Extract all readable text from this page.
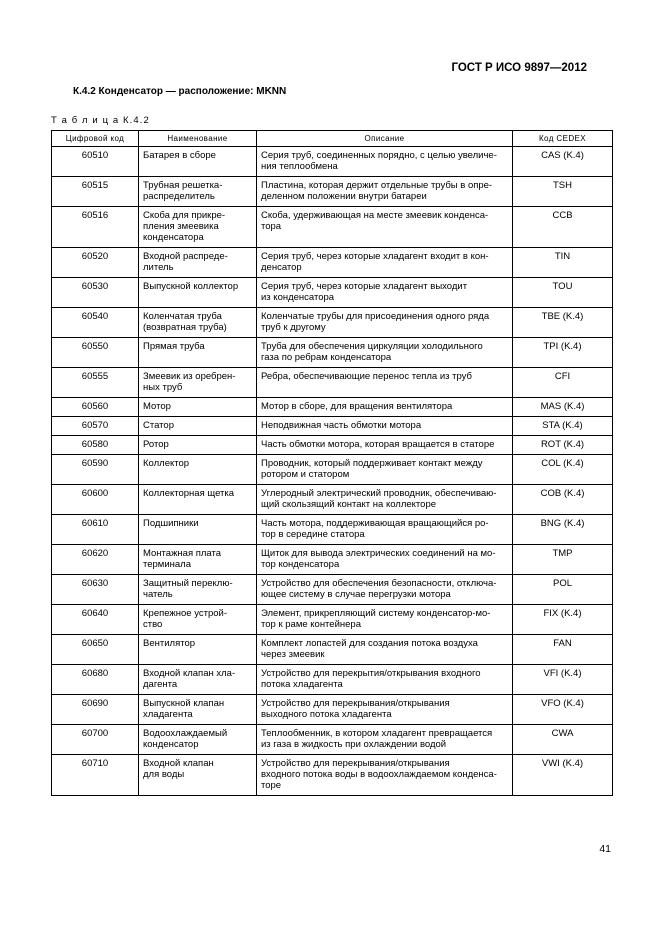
ГОСТ Р ИСО 9897—2012
К.4.2 Конденсатор — расположение: MKNN
Т а б л и ц а К.4.2
Цифровой код	Наименование	Описание	Код CEDEX
60510	Батарея в сборе	Серия труб, соединенных порядно, с целью увеличе-
ния теплообмена	CAS (K.4)
60515	Трубная решетка-
распределитель	Пластина, которая держит отдельные трубы в опре-
деленном положении внутри батареи	TSH
60516	Скоба для прикре-
пления змеевика
конденсатора	Скоба, удерживающая на месте змеевик конденса-
тора	CCB
60520	Входной распреде-
литель	Серия труб, через которые хладагент входит в кон-
денсатор	TIN
60530	Выпускной коллектор	Серия труб, через которые хладагент выходит
из конденсатора	TOU
60540	Коленчатая труба
(возвратная труба)	Коленчатые трубы для присоединения одного ряда
труб к другому	TBE (K.4)
60550	Прямая труба	Труба для обеспечения циркуляции холодильного
газа по ребрам конденсатора	TPI (K.4)
60555	Змеевик из оребрен-
ных труб	Ребра, обеспечивающие перенос тепла из труб	CFI
60560	Мотор	Мотор в сборе, для вращения вентилятора	MAS (K.4)
60570	Статор	Неподвижная часть обмотки мотора	STA (K.4)
60580	Ротор	Часть обмотки мотора, которая вращается в статоре	ROT (K.4)
60590	Коллектор	Проводник, который поддерживает контакт между
ротором и статором	COL (K.4)
60600	Коллекторная щетка	Углеродный электрический проводник, обеспечиваю-
щий скользящий контакт на коллекторе	COB (K.4)
60610	Подшипники	Часть мотора, поддерживающая вращающийся ро-
тор в середине статора	BNG (K.4)
60620	Монтажная плата
терминала	Щиток для вывода электрических соединений на мо-
тор конденсатора	TMP
60630	Защитный переклю-
чатель	Устройство для обеспечения безопасности, отключа-
ющее систему в случае перегрузки мотора	POL
60640	Крепежное устрой-
ство	Элемент, прикрепляющий систему конденсатор-мо-
тор к раме контейнера	FIX (K.4)
60650	Вентилятор	Комплект лопастей для создания потока воздуха
через змеевик	FAN
60680	Входной клапан хла-
дагента	Устройство для перекрытия/открывания входного
потока хладагента	VFI (K.4)
60690	Выпускной клапан
хладагента	Устройство для перекрывания/открывания
выходного потока хладагента	VFO (K.4)
60700	Водоохлаждаемый
конденсатор	Теплообменник, в котором хладагент превращается
из газа в жидкость при охлаждении водой	CWA
60710	Входной клапан
для воды	Устройство для перекрывания/открывания
входного потока воды в водоохлаждаемом конденса-
торе	VWI (K.4)
41
